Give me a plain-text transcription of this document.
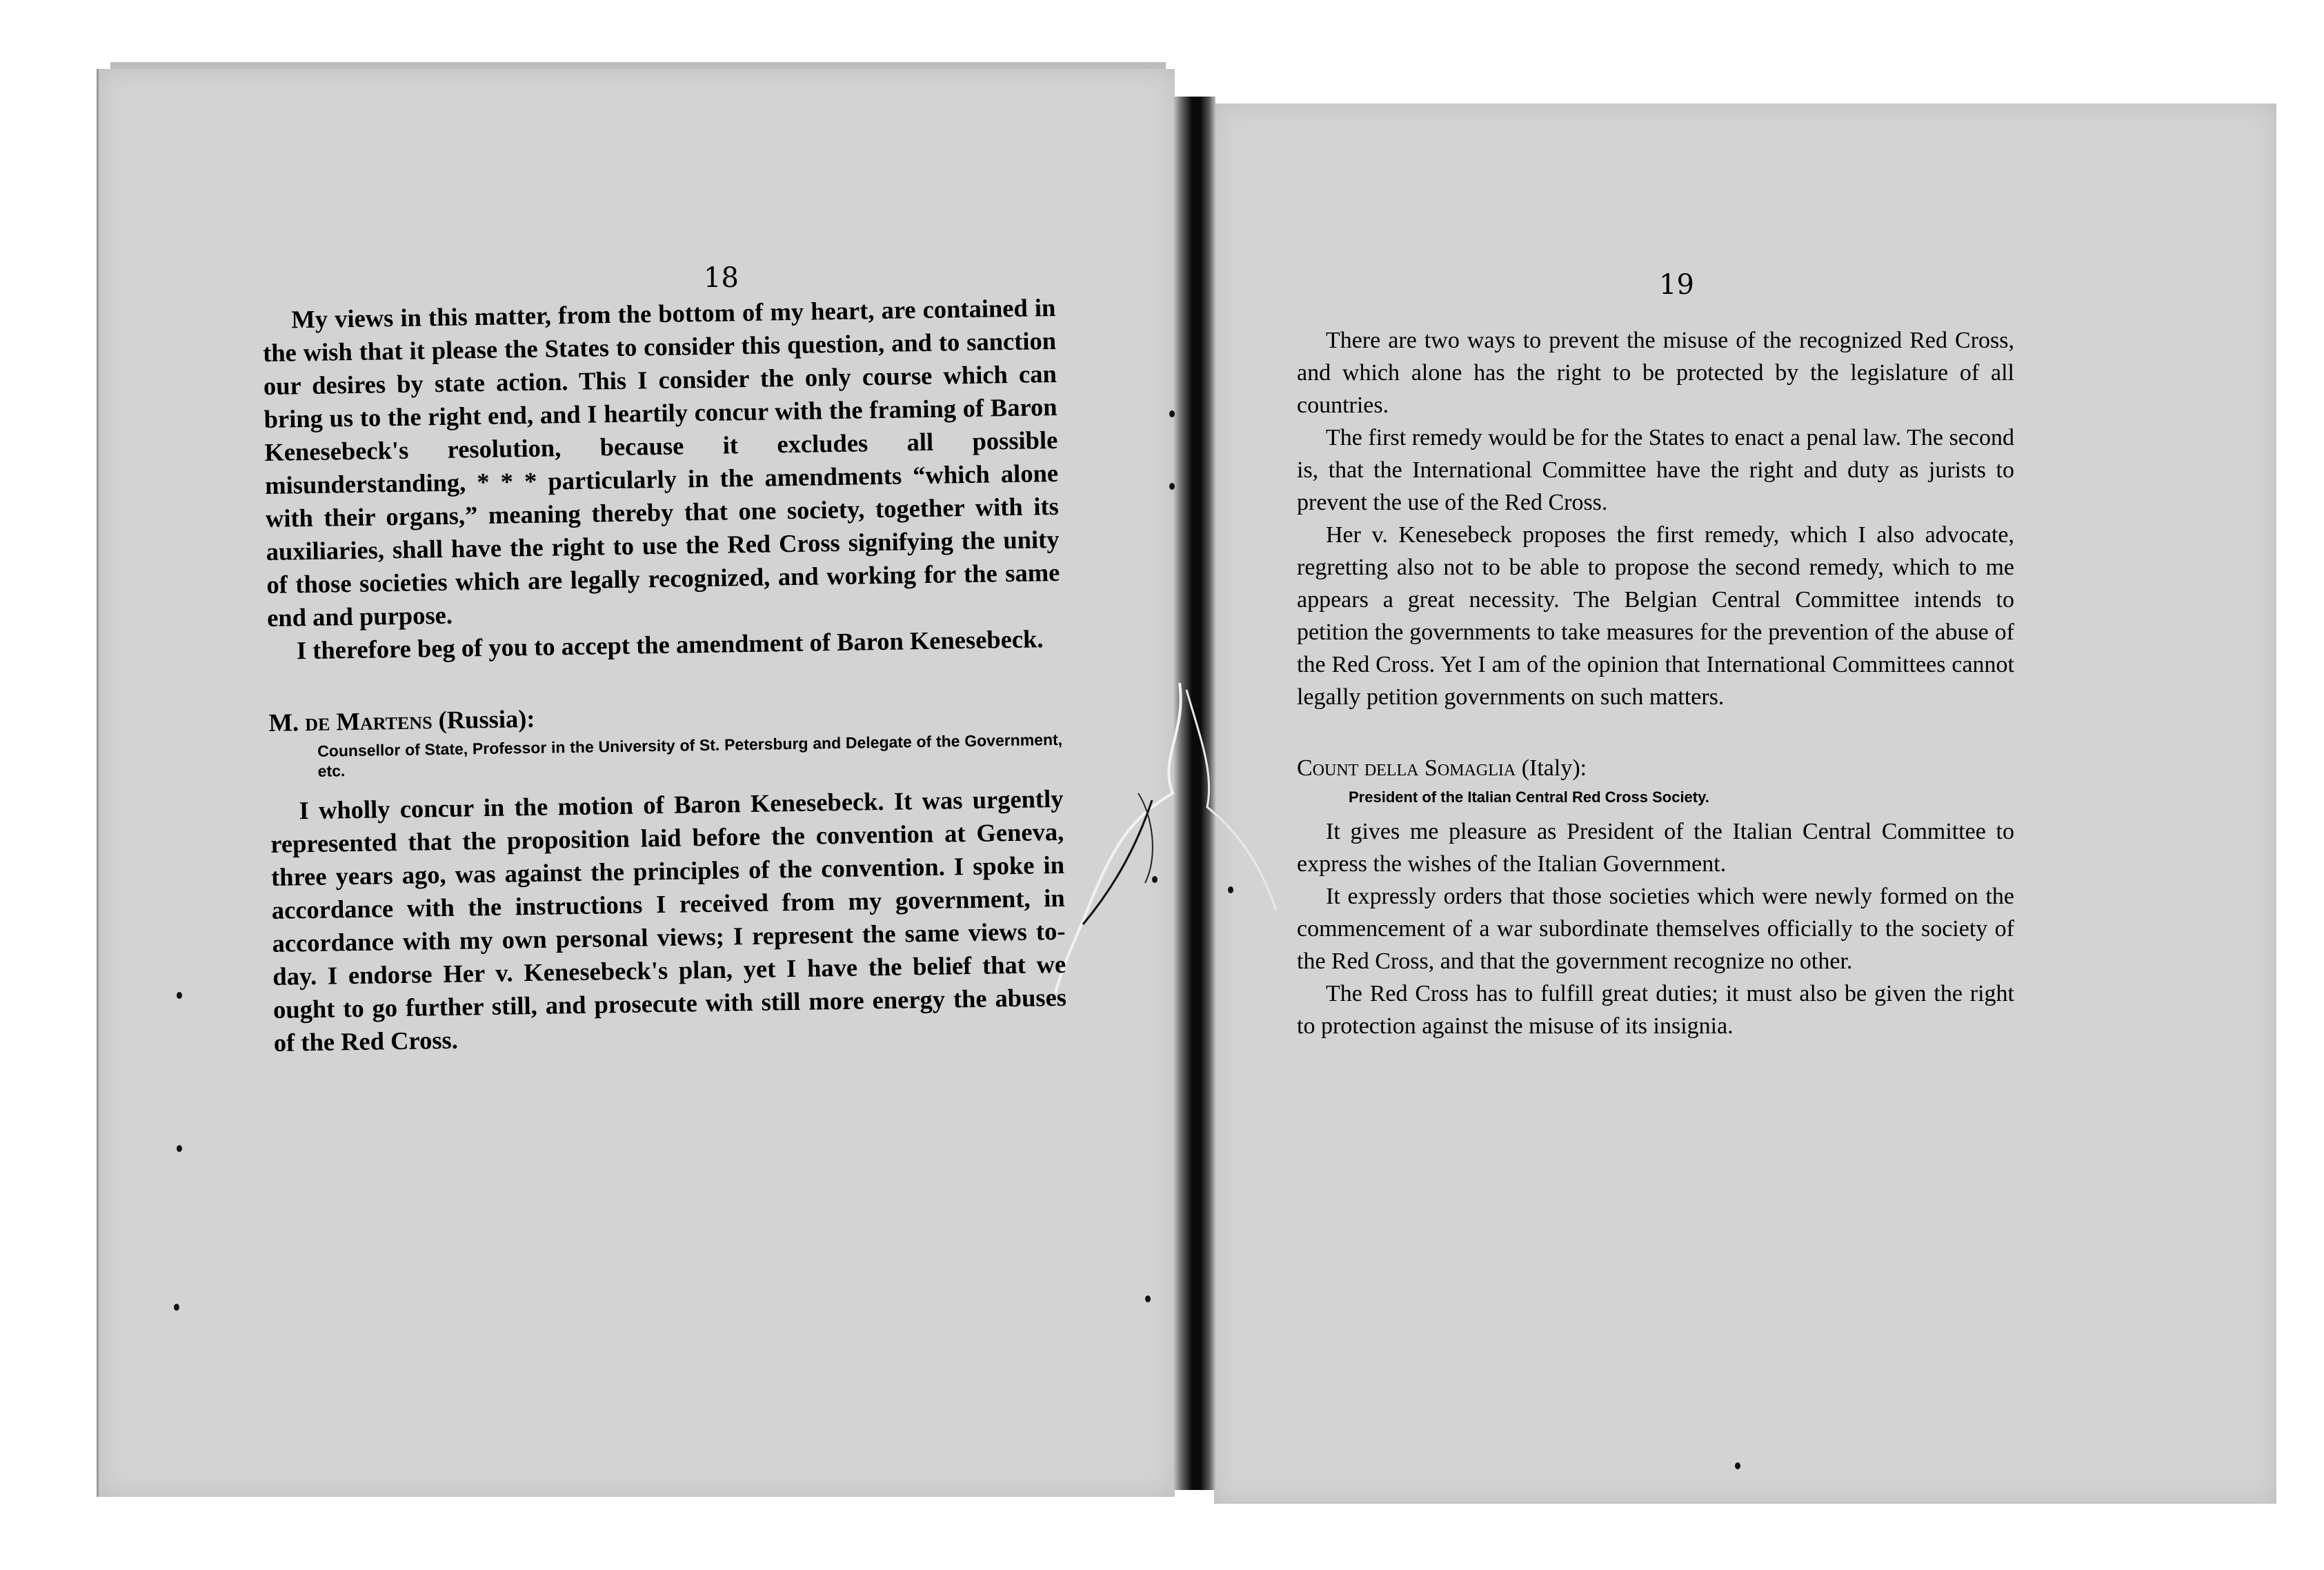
18	19

My views in this matter, from the bottom of my heart, are contained in the wish that it please the States to consider this question, and to sanction our desires by state action. This I consider the only course which can bring us to the right end, and I heartily concur with the framing of Baron Kenesebeck's resolution, because it excludes all possible misunderstanding, * * * particularly in the amendments “which alone with their organs,” meaning thereby that one society, together with its auxiliaries, shall have the right to use the Red Cross signifying the unity of those societies which are legally recognized, and working for the same end and purpose.

I therefore beg of you to accept the amendment of Baron Kenesebeck.

M. de Martens (Russia):
Counsellor of State, Professor in the University of St. Petersburg and Delegate of the Government, etc.

I wholly concur in the motion of Baron Kenesebeck. It was urgently represented that the proposition laid before the convention at Geneva, three years ago, was against the principles of the convention. I spoke in accordance with the instructions I received from my government, in accordance with my own personal views; I represent the same views to-day. I endorse Her v. Kenesebeck's plan, yet I have the belief that we ought to go further still, and prosecute with still more energy the abuses of the Red Cross.

There are two ways to prevent the misuse of the recognized Red Cross, and which alone has the right to be protected by the legislature of all countries.

The first remedy would be for the States to enact a penal law. The second is, that the International Committee have the right and duty as jurists to prevent the use of the Red Cross.

Her v. Kenesebeck proposes the first remedy, which I also advocate, regretting also not to be able to propose the second remedy, which to me appears a great necessity. The Belgian Central Committee intends to petition the governments to take measures for the prevention of the abuse of the Red Cross. Yet I am of the opinion that International Committees cannot legally petition governments on such matters.

Count della Somaglia (Italy):
President of the Italian Central Red Cross Society.

It gives me pleasure as President of the Italian Central Committee to express the wishes of the Italian Government.

It expressly orders that those societies which were newly formed on the commencement of a war subordinate themselves officially to the society of the Red Cross, and that the government recognize no other.

The Red Cross has to fulfill great duties; it must also be given the right to protection against the misuse of its insignia.
